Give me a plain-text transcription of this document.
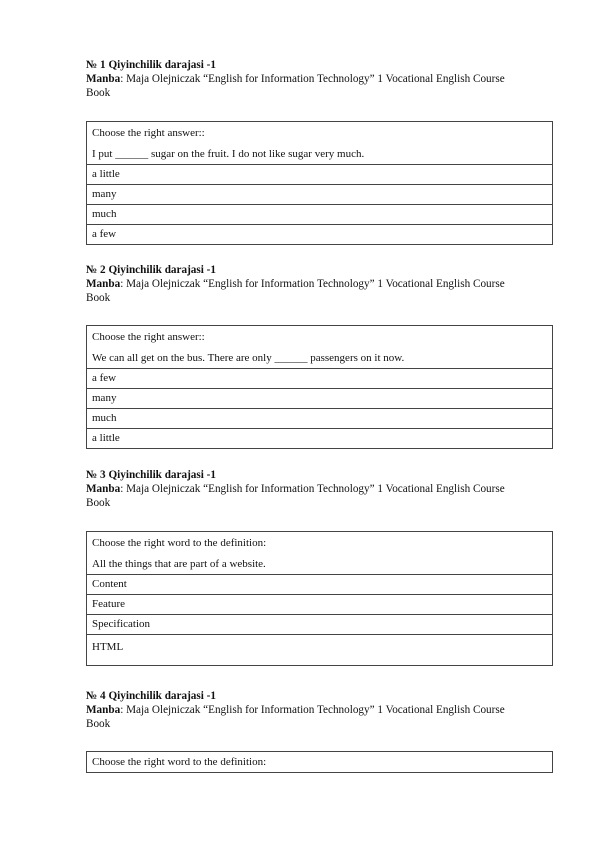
№ 1 Qiyinchilik darajasi -1
Manba: Maja Olejniczak “English for Information Technology” 1 Vocational English Course
Book
Choose the right answer::
I put ______ sugar on the fruit. I do not like sugar very much.
a little
many
much
a few
№ 2 Qiyinchilik darajasi -1
Manba: Maja Olejniczak “English for Information Technology” 1 Vocational English Course
Book
Choose the right answer::
We can all get on the bus. There are only ______ passengers on it now.
a few
many
much
a little
№ 3 Qiyinchilik darajasi -1
Manba: Maja Olejniczak “English for Information Technology” 1 Vocational English Course
Book
Choose the right word to the definition:
All the things that are part of a website.
Content
Feature
Specification
HTML
№ 4 Qiyinchilik darajasi -1
Manba: Maja Olejniczak “English for Information Technology” 1 Vocational English Course
Book
Choose the right word to the definition:
